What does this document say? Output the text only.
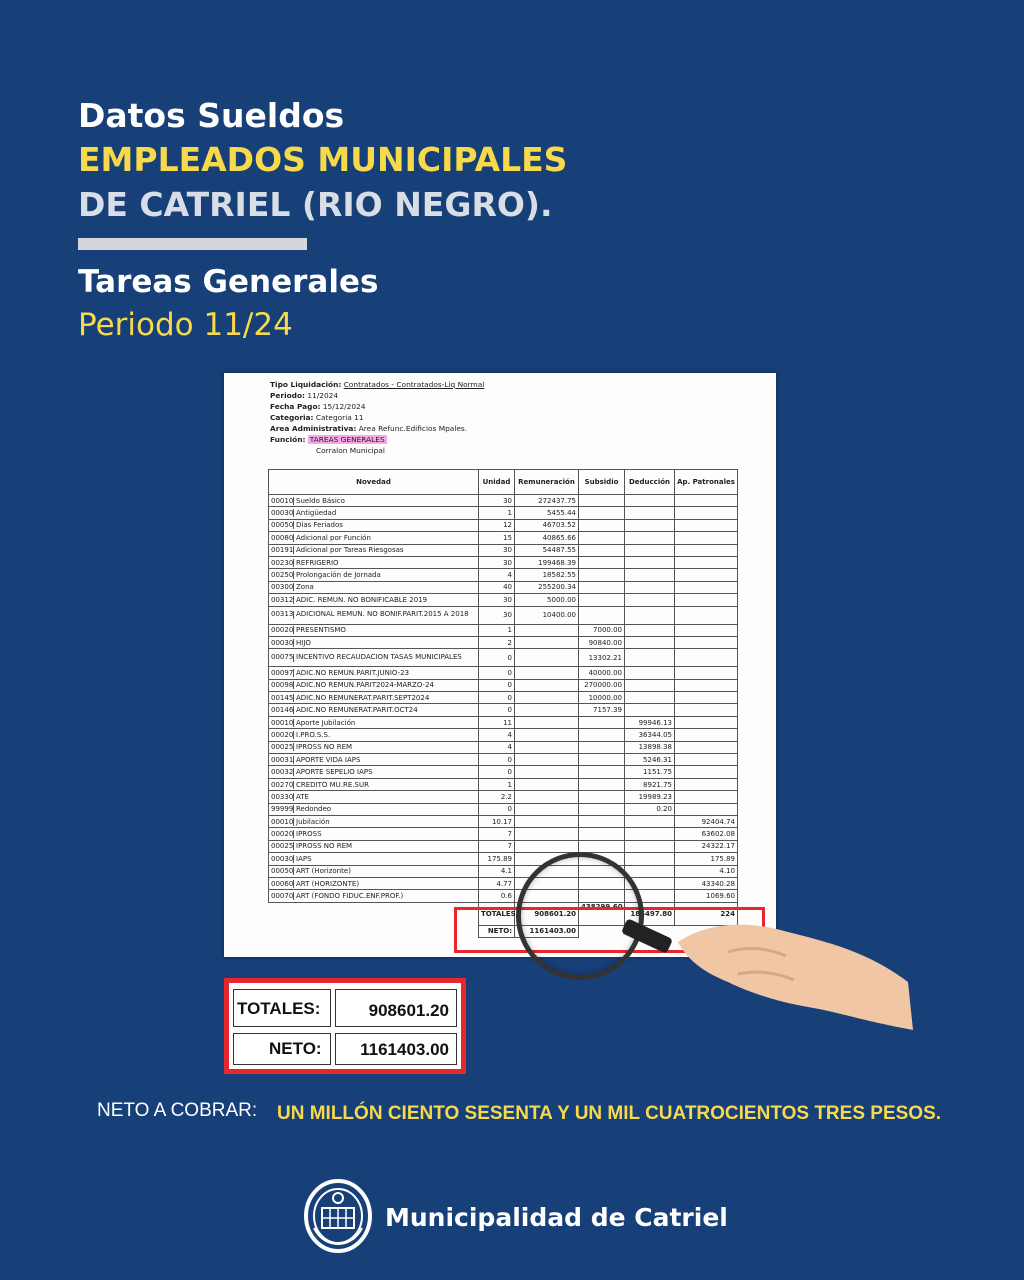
Datos Sueldos
EMPLEADOS MUNICIPALES
DE CATRIEL (RIO NEGRO).
Tareas Generales
Periodo 11/24
Tipo Liquidación: Contratados - Contratados-Liq Normal
Periodo: 11/2024
Fecha Pago: 15/12/2024
Categoria: Categoria 11
Area Administrativa: Area Refunc.Edificios Mpales.
Función: TAREAS GENERALES
Corralon Municipal
Novedad	Unidad	Remuneración	Subsidio	Deducción	Ap. Patronales
00010 Sueldo Básico	30	272437.75			
00030 Antigüedad	1	5455.44			
00050 Dias Feriados	12	46703.52			
00080 Adicional por Función	15	40865.66			
00191 Adicional por Tareas Riesgosas	30	54487.55			
00230 REFRIGERIO	30	199468.39			
00250 Prolongación de Jornada	4	18582.55			
00300 Zona	40	255200.34			
00312 ADIC. REMUN. NO BONIFICABLE 2019	30	5000.00			
00313 ADICIONAL REMUN. NO BONIF.PARIT.2015 A 2018	30	10400.00			
00020 PRESENTISMO	1		7000.00		
00030 HIJO	2		90840.00		
00075 INCENTIVO RECAUDACION TASAS MUNICIPALES	0		13302.21		
00097 ADIC.NO REMUN.PARIT.JUNIO-23	0		40000.00		
00098 ADIC.NO REMUN.PARIT2024-MARZO-24	0		270000.00		
00145 ADIC.NO REMUNERAT.PARIT.SEPT2024	0		10000.00		
00146 ADIC.NO REMUNERAT.PARIT.OCT24	0		7157.39		
00010 Aporte Jubilación	11			99946.13	
00020 I.PRO.S.S.	4			36344.05	
00025 IPROSS NO REM	4			13898.38	
00031 APORTE VIDA IAPS	0			5246.31	
00032 APORTE SEPELIO IAPS	0			1151.75	
00270 CREDITO MU.RE.SUR	1			8921.75	
00330 ATE	2.2			19989.23	
99999 Redondeo	0			0.20	
00010 Jubilación	10.17				92404.74
00020 IPROSS	7				63602.08
00025 IPROSS NO REM	7				24322.17
00030 IAPS	175.89				175.89
00050 ART (Horizonte)	4.1				4.10
00060 ART (HORIZONTE)	4.77				43340.28
00070 ART (FONDO FIDUC.ENF.PROF.)	0.6				1069.60
	TOTALES:	908601.20	438299.60	185497.80	224
	NETO:	1161403.00			
TOTALES:	908601.20
NETO:	1161403.00
NETO A COBRAR: UN MILLÓN CIENTO SESENTA Y UN MIL CUATROCIENTOS TRES PESOS.
Municipalidad de Catriel
